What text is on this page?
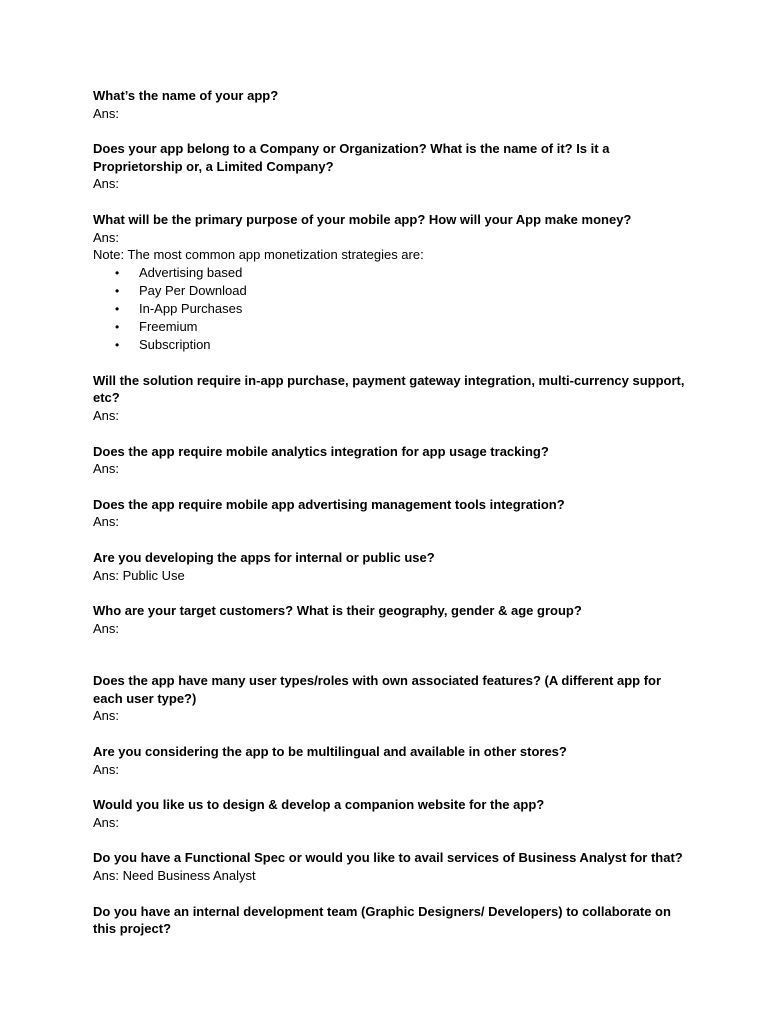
What’s the name of your app?

Ans:

Does your app belong to a Company or Organization? What is the name of it? Is it a Proprietorship or, a Limited Company?

Ans:

What will be the primary purpose of your mobile app? How will your App make money?

Ans:

Note: The most common app monetization strategies are:

• Advertising based
• Pay Per Download
• In-App Purchases
• Freemium
• Subscription

Will the solution require in-app purchase, payment gateway integration, multi-currency support, etc?

Ans:

Does the app require mobile analytics integration for app usage tracking?

Ans:

Does the app require mobile app advertising management tools integration?

Ans:

Are you developing the apps for internal or public use?

Ans: Public Use

Who are your target customers? What is their geography, gender & age group?

Ans:

Does the app have many user types/roles with own associated features? (A different app for each user type?)

Ans:

Are you considering the app to be multilingual and available in other stores?

Ans:

Would you like us to design & develop a companion website for the app?

Ans:

Do you have a Functional Spec or would you like to avail services of Business Analyst for that?

Ans: Need Business Analyst

Do you have an internal development team (Graphic Designers/ Developers) to collaborate on this project?
